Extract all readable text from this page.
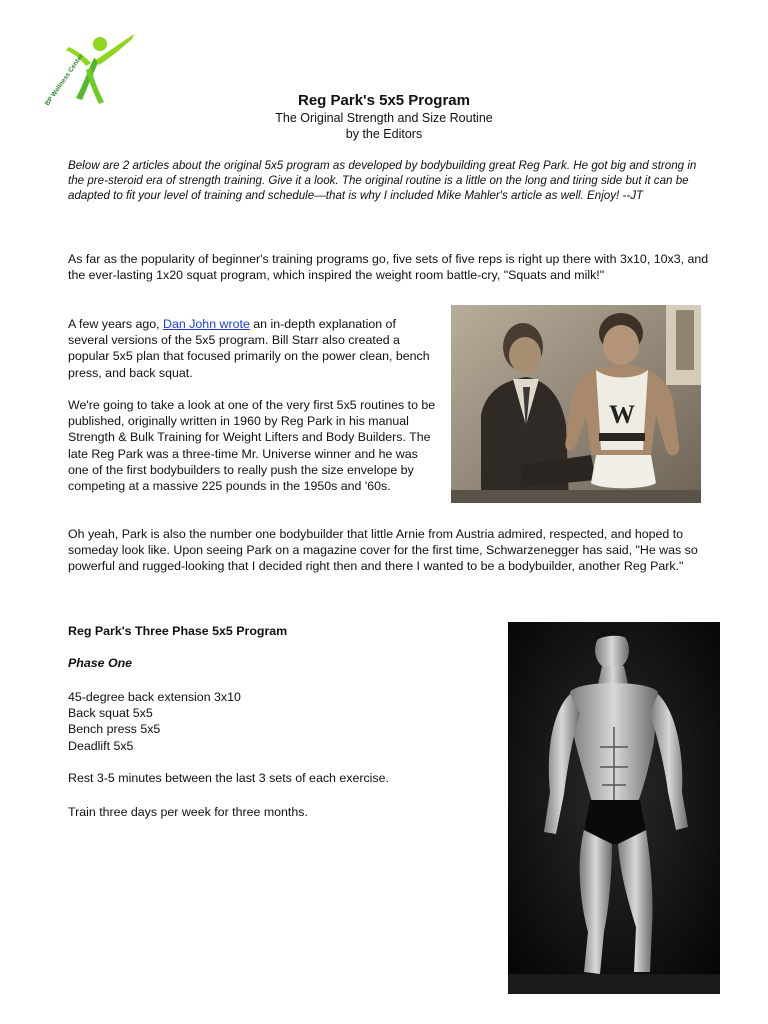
BP Wellness Center	Reg Park's 5x5 Program

The Original Strength and Size Routine

by the Editors

Below are 2 articles about the original 5x5 program as developed by bodybuilding great Reg Park. He got big and strong in the pre-steroid era of strength training. Give it a look. The original routine is a little on the long and tiring side but it can be adapted to fit your level of training and schedule—that is why I included Mike Mahler's article as well. Enjoy! --JT

As far as the popularity of beginner's training programs go, five sets of five reps is right up there with 3x10, 10x3, and the ever-lasting 1x20 squat program, which inspired the weight room battle-cry, "Squats and milk!"

A few years ago, Dan John wrote an in-depth explanation of several versions of the 5x5 program. Bill Starr also created a popular 5x5 plan that focused primarily on the power clean, bench press, and back squat.

We're going to take a look at one of the very first 5x5 routines to be published, originally written in 1960 by Reg Park in his manual Strength & Bulk Training for Weight Lifters and Body Builders. The late Reg Park was a three-time Mr. Universe winner and he was one of the first bodybuilders to really push the size envelope by competing at a massive 225 pounds in the 1950s and '60s.

W

Oh yeah, Park is also the number one bodybuilder that little Arnie from Austria admired, respected, and hoped to someday look like. Upon seeing Park on a magazine cover for the first time, Schwarzenegger has said, "He was so powerful and rugged-looking that I decided right then and there I wanted to be a bodybuilder, another Reg Park."

Reg Park's Three Phase 5x5 Program

Phase One

45-degree back extension 3x10
Back squat 5x5
Bench press 5x5
Deadlift 5x5

Rest 3-5 minutes between the last 3 sets of each exercise.

Train three days per week for three months.
